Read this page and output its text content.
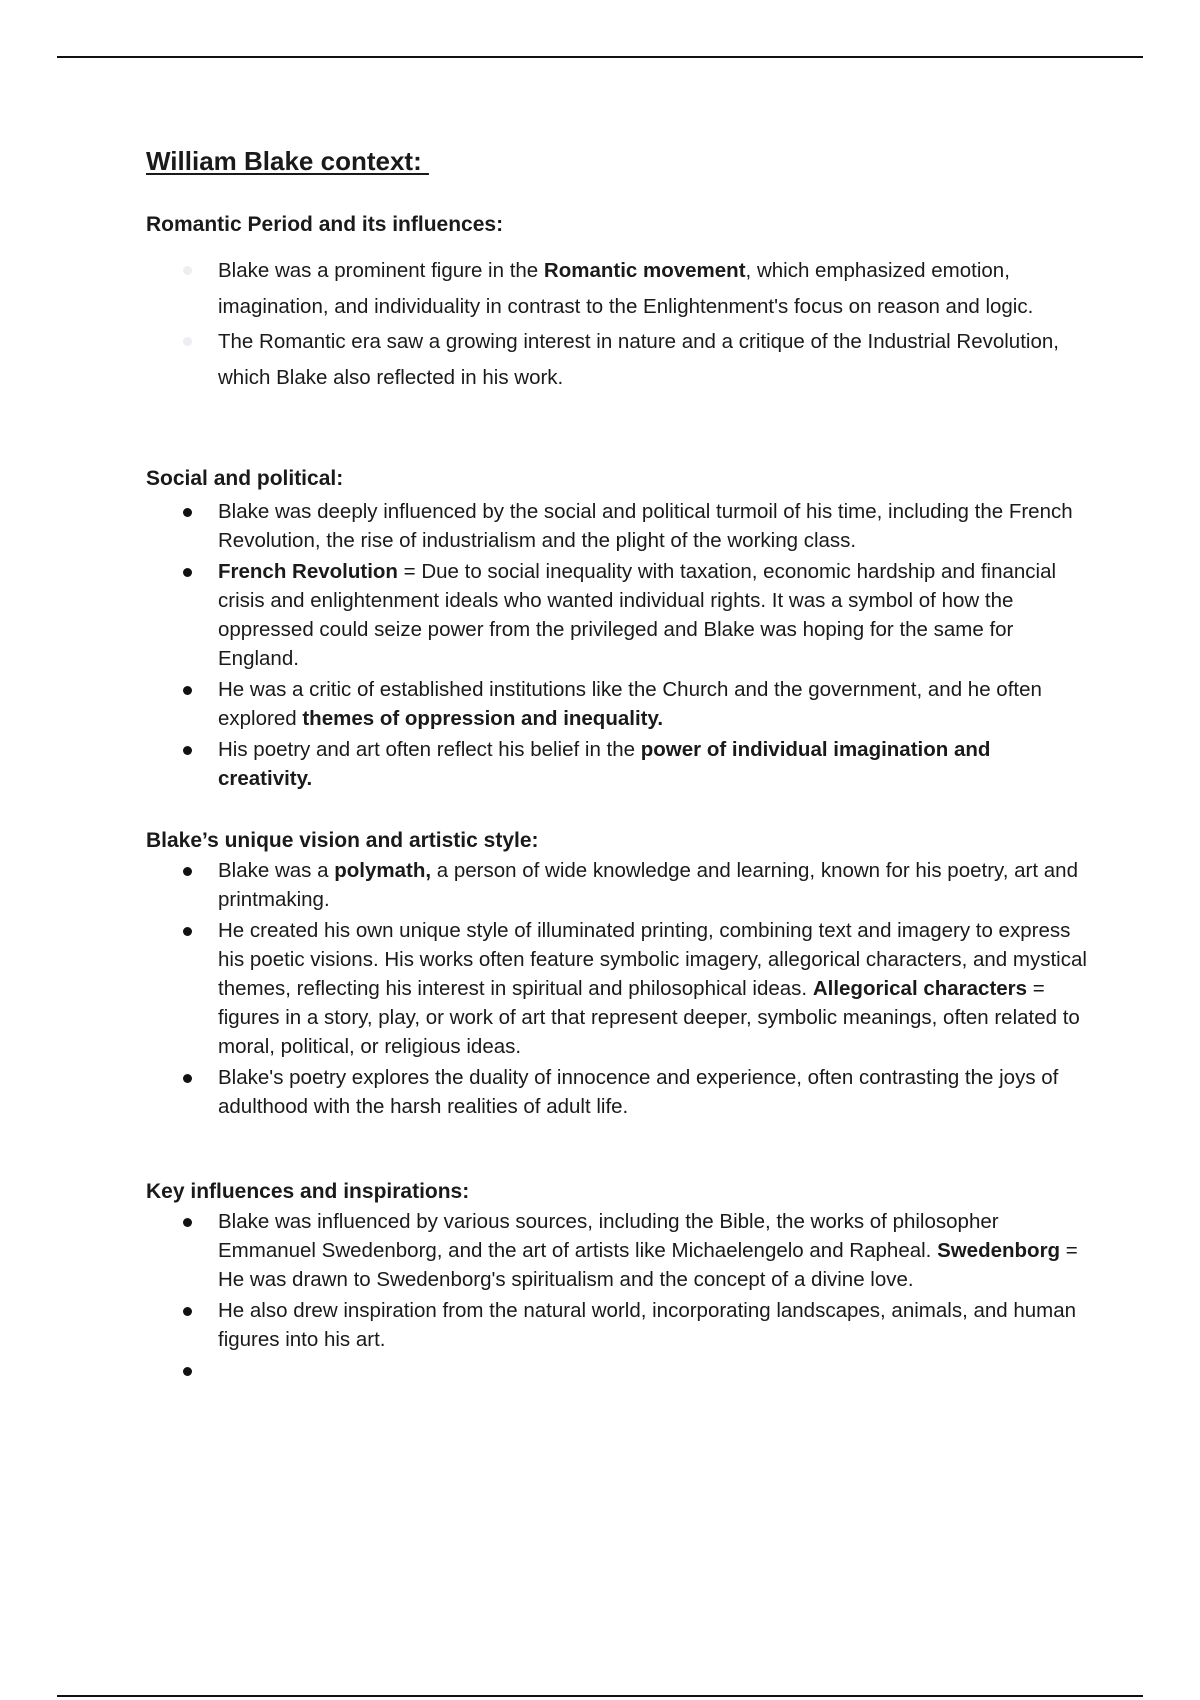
William Blake context:
Romantic Period and its influences:
Blake was a prominent figure in the Romantic movement, which emphasized emotion, imagination, and individuality in contrast to the Enlightenment's focus on reason and logic.
The Romantic era saw a growing interest in nature and a critique of the Industrial Revolution, which Blake also reflected in his work.
Social and political:
Blake was deeply influenced by the social and political turmoil of his time, including the French Revolution, the rise of industrialism and the plight of the working class.
French Revolution = Due to social inequality with taxation, economic hardship and financial crisis and enlightenment ideals who wanted individual rights. It was a symbol of how the oppressed could seize power from the privileged and Blake was hoping for the same for England.
He was a critic of established institutions like the Church and the government, and he often explored themes of oppression and inequality.
His poetry and art often reflect his belief in the power of individual imagination and creativity.
Blake’s unique vision and artistic style:
Blake was a polymath, a person of wide knowledge and learning, known for his poetry, art and printmaking.
He created his own unique style of illuminated printing, combining text and imagery to express his poetic visions. His works often feature symbolic imagery, allegorical characters, and mystical themes, reflecting his interest in spiritual and philosophical ideas. Allegorical characters = figures in a story, play, or work of art that represent deeper, symbolic meanings, often related to moral, political, or religious ideas.
Blake's poetry explores the duality of innocence and experience, often contrasting the joys of adulthood with the harsh realities of adult life.
Key influences and inspirations:
Blake was influenced by various sources, including the Bible, the works of philosopher Emmanuel Swedenborg, and the art of artists like Michaelengelo and Rapheal. Swedenborg = He was drawn to Swedenborg's spiritualism and the concept of a divine love.
He also drew inspiration from the natural world, incorporating landscapes, animals, and human figures into his art.
